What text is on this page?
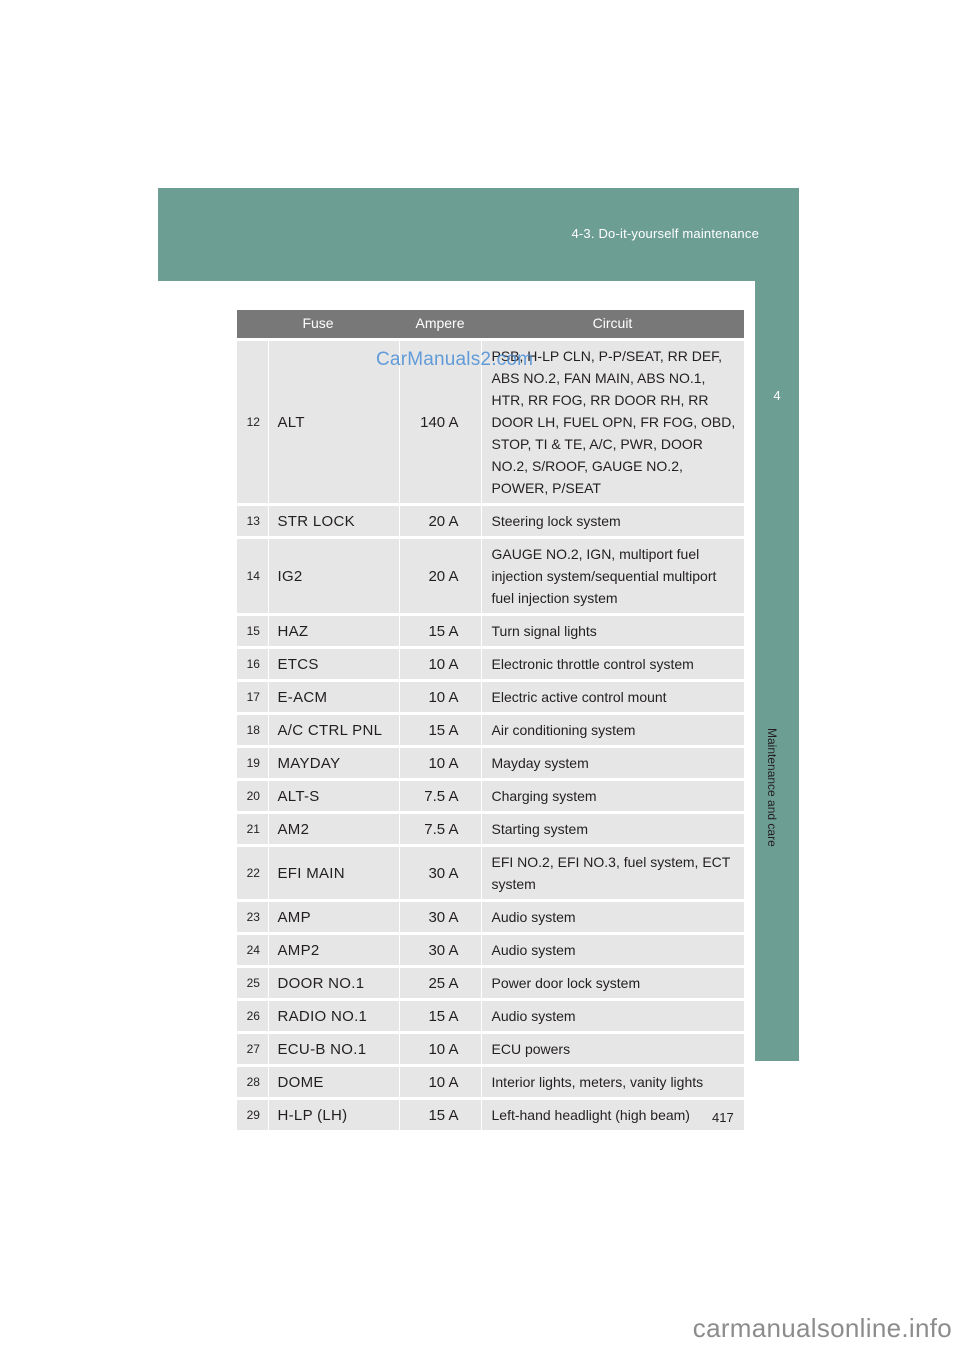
4-3. Do-it-yourself maintenance
4
Maintenance and care
Fuse		Ampere	Circuit
12	ALT	140 A	PSB, H-LP CLN, P-P/SEAT, RR DEF, ABS NO.2, FAN MAIN, ABS NO.1, HTR, RR FOG, RR DOOR RH, RR DOOR LH, FUEL OPN, FR FOG, OBD, STOP, TI & TE, A/C, PWR, DOOR NO.2, S/ROOF, GAUGE NO.2, POWER, P/SEAT
13	STR LOCK	20 A	Steering lock system
14	IG2	20 A	GAUGE NO.2, IGN, multiport fuel injection system/sequential multiport fuel injection system
15	HAZ	15 A	Turn signal lights
16	ETCS	10 A	Electronic throttle control system
17	E-ACM	10 A	Electric active control mount
18	A/C CTRL PNL	15 A	Air conditioning system
19	MAYDAY	10 A	Mayday system
20	ALT-S	7.5 A	Charging system
21	AM2	7.5 A	Starting system
22	EFI MAIN	30 A	EFI NO.2, EFI NO.3, fuel system, ECT system
23	AMP	30 A	Audio system
24	AMP2	30 A	Audio system
25	DOOR NO.1	25 A	Power door lock system
26	RADIO NO.1	15 A	Audio system
27	ECU-B NO.1	10 A	ECU powers
28	DOME	10 A	Interior lights, meters, vanity lights
29	H-LP (LH)	15 A	Left-hand headlight (high beam)
CarManuals2.com
417
carmanualsonline.info
